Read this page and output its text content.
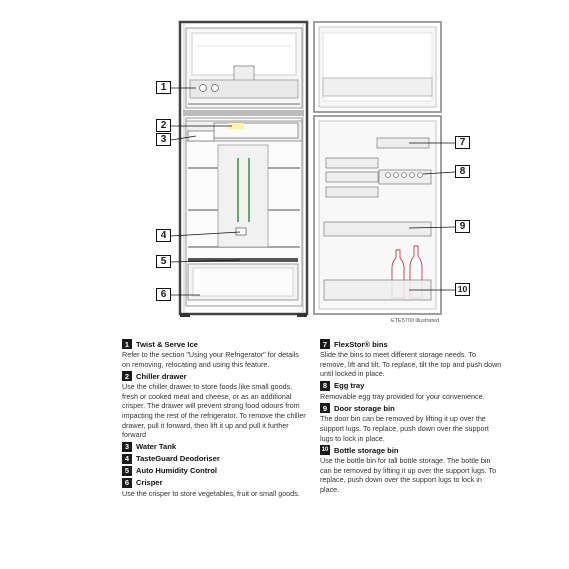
1
2
3
4
5
6
7
8
9
10
ETE5700 illustrated
1 Twist & Serve Ice
Refer to the section "Using your Refrigerator" for details on removing, relocating and using this feature.
2 Chiller drawer
Use the chiller drawer to store foods like small goods, fresh or cooked meat and cheese, or as an additional crisper. The drawer will prevent strong food odours from impacting the rest of the refrigerator. To remove the chiller drawer, pull it forward, then lift it up and pull it further forward
3 Water Tank
4 TasteGuard Deodoriser
5 Auto Humidity Control
6 Crisper
Use the crisper to store vegetables, fruit or small goods.
7 FlexStor® bins
Slide the bins to meet different storage needs. To remove, lift and tilt. To replace, tilt the top and push down until locked in place.
8 Egg tray
Removable egg tray provided for your convenience.
9 Door storage bin
The door bin can be removed by lifting it up over the support lugs. To replace, push down over the support lugs to lock in place.
10 Bottle storage bin
Use the bottle bin for tall bottle storage. The bottle bin can be removed by lifting it up over the support lugs. To replace, push down over the support lugs to lock in place.
